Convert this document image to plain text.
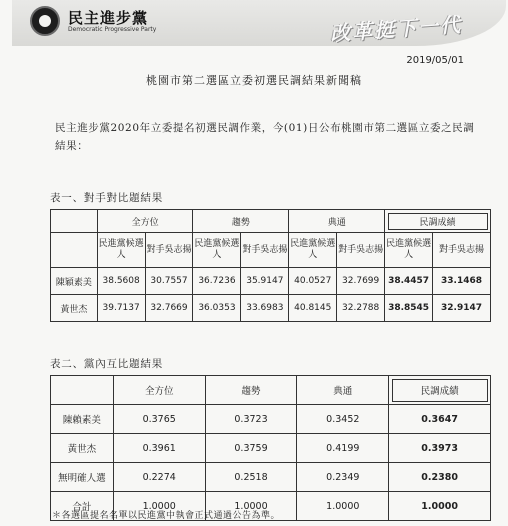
民主進步黨
Democratic Progressive Party	改革挺下一代
2019/05/01
桃園市第二選區立委初選民調結果新聞稿
民主進步黨2020年立委提名初選民調作業，今(01)日公布桃園市第二選區立委之民調結果：
表一、對手對比題結果
	全方位		趨勢		典通		民調成績	
	民進黨候選人	對手吳志揚	民進黨候選人	對手吳志揚	民進黨候選人	對手吳志揚	民進黨候選人	對手吳志揚
陳穎素美	38.5608	30.7557	36.7236	35.9147	40.0527	32.7699	38.4457	33.1468
黃世杰	39.7137	32.7669	36.0353	33.6983	40.8145	32.2788	38.8545	32.9147
表二、黨內互比題結果
	全方位	趨勢	典通	民調成績
陳賴素美	0.3765	0.3723	0.3452	0.3647
黃世杰	0.3961	0.3759	0.4199	0.3973
無明確人選	0.2274	0.2518	0.2349	0.2380
合計	1.0000	1.0000	1.0000	1.0000
＊各選區提名名單以民進黨中執會正式通過公告為準。
